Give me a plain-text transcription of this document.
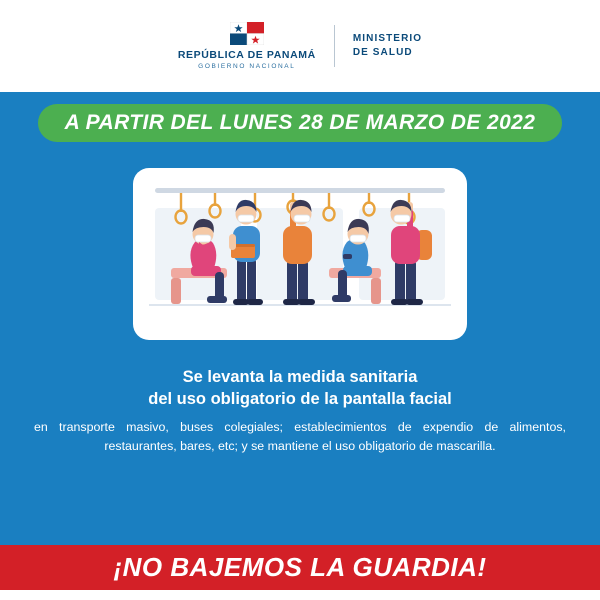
REPÚBLICA DE PANAMÁ
GOBIERNO NACIONAL
MINISTERIO
DE SALUD
A PARTIR DEL LUNES 28 DE MARZO DE 2022
Se levanta la medida sanitaria
del uso obligatorio de la pantalla facial
en transporte masivo, buses colegiales; establecimientos de expendio de alimentos, restaurantes, bares, etc; y se mantiene el uso obligatorio de mascarilla.
¡NO BAJEMOS LA GUARDIA!
